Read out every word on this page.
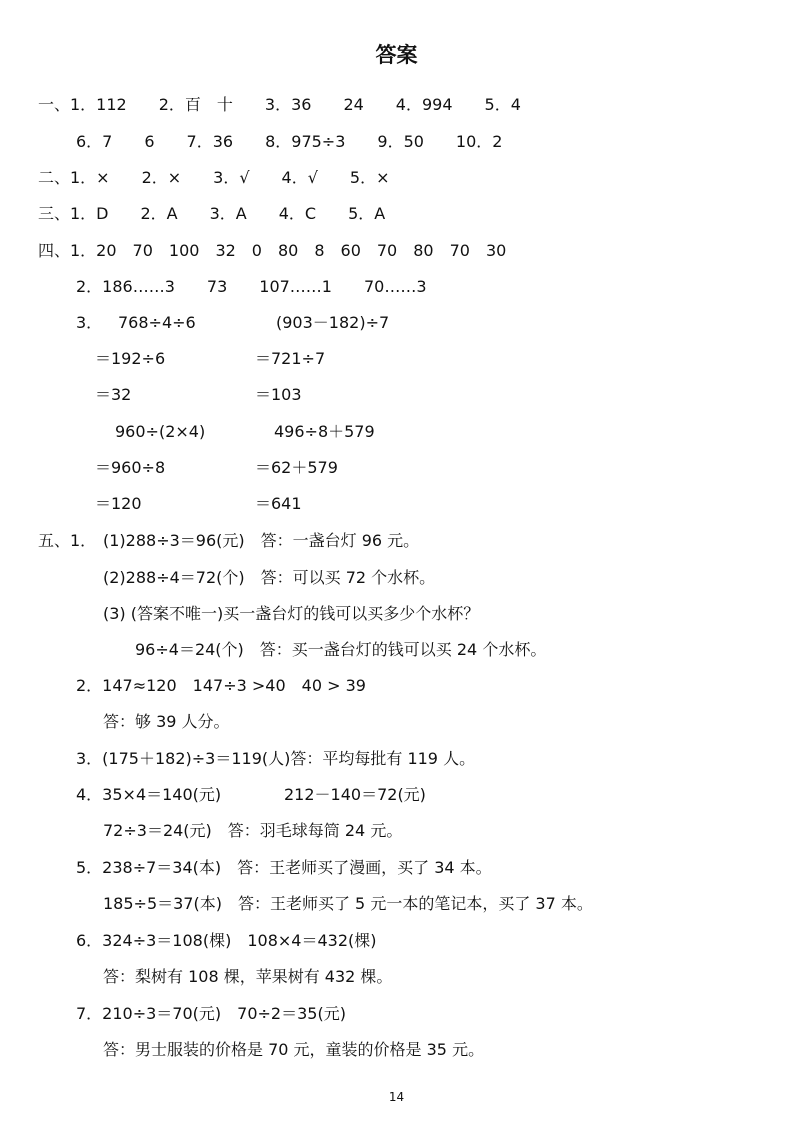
答案
一、1．112　　2．百　十　　3．36　　24　　4．994　　5．4
6．7　　6　　7．36　　8．975÷3　　9．50　　10．2
二、1．×　　2．×　　3．√　　4．√　　5．×
三、1．D　　2．A　　3．A　　4．C　　5．A
四、1．20　70　100　32　0　80　8　60　70　80　70　30
2．186……3　　73　　107……1　　70……3
3． 768÷4÷6	(903－182)÷7
＝192÷6	＝721÷7
＝32	＝103
960÷(2×4)	496÷8＋579
＝960÷8	＝62＋579
＝120	＝641
五、1． (1)288÷3＝96(元)　答：一盏台灯 96 元。
(2)288÷4＝72(个)　答：可以买 72 个水杯。
(3) (答案不唯一)买一盏台灯的钱可以买多少个水杯？
96÷4＝24(个)　答：买一盏台灯的钱可以买 24 个水杯。
2．147≈120　147÷3 >40　40 > 39
答：够 39 人分。
3．(175＋182)÷3＝119(人)答：平均每批有 119 人。
4．35×4＝140(元)	212－140＝72(元)
72÷3＝24(元)　答：羽毛球每筒 24 元。
5．238÷7＝34(本)　答：王老师买了漫画，买了 34 本。
185÷5＝37(本)　答：王老师买了 5 元一本的笔记本，买了 37 本。
6．324÷3＝108(棵)　108×4＝432(棵)
答：梨树有 108 棵，苹果树有 432 棵。
7．210÷3＝70(元)　70÷2＝35(元)
答：男士服装的价格是 70 元，童装的价格是 35 元。
14
